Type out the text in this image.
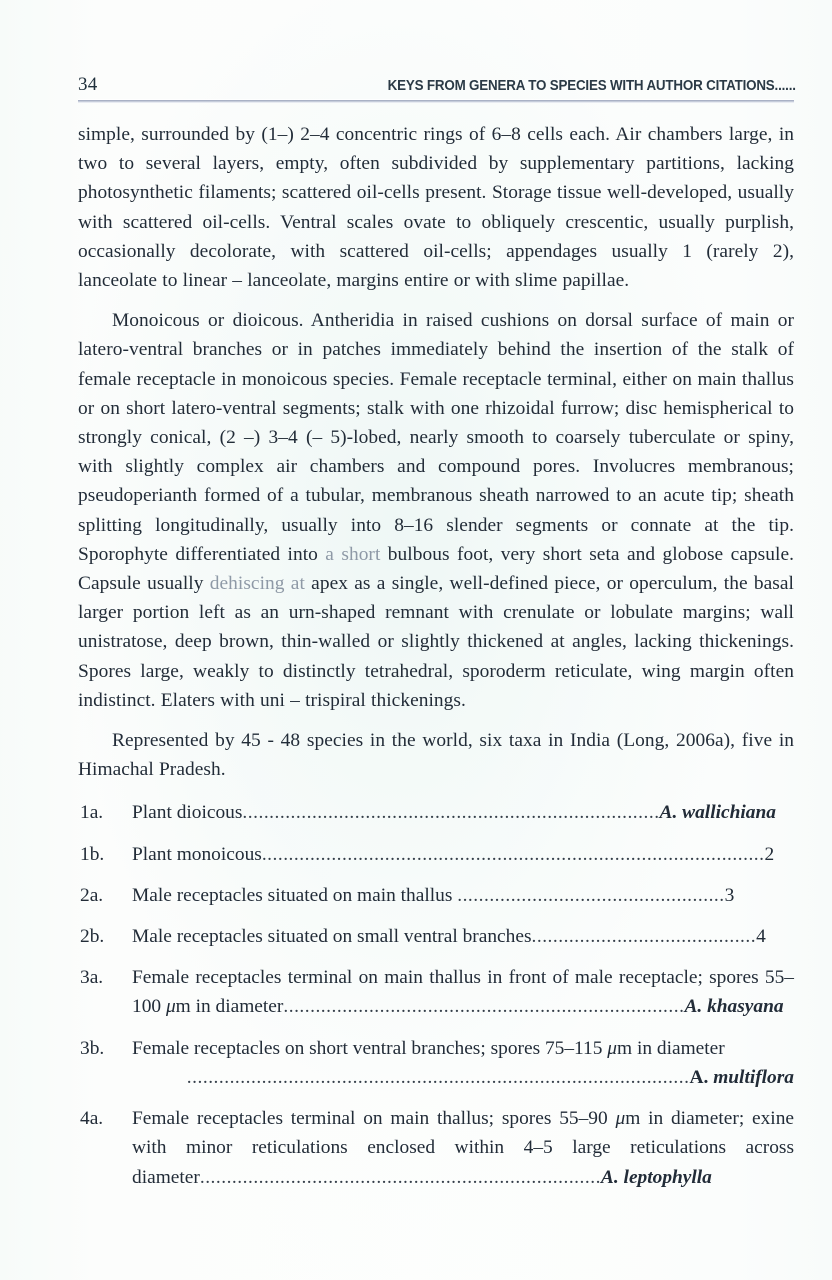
34	KEYS FROM GENERA TO SPECIES WITH AUTHOR CITATIONS......

simple, surrounded by (1–) 2–4 concentric rings of 6–8 cells each. Air chambers large, in two to several layers, empty, often subdivided by supplementary partitions, lacking photosynthetic filaments; scattered oil-cells present. Storage tissue well-developed, usually with scattered oil-cells. Ventral scales ovate to obliquely crescentic, usually purplish, occasionally decolorate, with scattered oil-cells; appendages usually 1 (rarely 2), lanceolate to linear – lanceolate, margins entire or with slime papillae.

Monoicous or dioicous. Antheridia in raised cushions on dorsal surface of main or latero-ventral branches or in patches immediately behind the insertion of the stalk of female receptacle in monoicous species. Female receptacle terminal, either on main thallus or on short latero-ventral segments; stalk with one rhizoidal furrow; disc hemispherical to strongly conical, (2 –) 3–4 (– 5)-lobed, nearly smooth to coarsely tuberculate or spiny, with slightly complex air chambers and compound pores. Involucres membranous; pseudoperianth formed of a tubular, membranous sheath narrowed to an acute tip; sheath splitting longitudinally, usually into 8–16 slender segments or connate at the tip. Sporophyte differentiated into a short bulbous foot, very short seta and globose capsule. Capsule usually dehiscing at apex as a single, well-defined piece, or operculum, the basal larger portion left as an urn-shaped remnant with crenulate or lobulate margins; wall unistratose, deep brown, thin-walled or slightly thickened at angles, lacking thickenings. Spores large, weakly to distinctly tetrahedral, sporoderm reticulate, wing margin often indistinct. Elaters with uni – trispiral thickenings.

Represented by 45 - 48 species in the world, six taxa in India (Long, 2006a), five in Himachal Pradesh.

1a.	Plant dioicous..............................................................................A. wallichiana
1b.	Plant monoicous..............................................................................................2
2a.	Male receptacles situated on main thallus ..................................................3
2b.	Male receptacles situated on small ventral branches..........................................4
3a.	Female receptacles terminal on main thallus in front of male receptacle; spores 55–100 μm in diameter...........................................................................A. khasyana
3b.	Female receptacles on short ventral branches; spores 75–115 μm in diameter
..............................................................................................A. multiflora
4a.	Female receptacles terminal on main thallus; spores 55–90 μm in diameter; exine with minor reticulations enclosed within 4–5 large reticulations across diameter...........................................................................A. leptophylla
